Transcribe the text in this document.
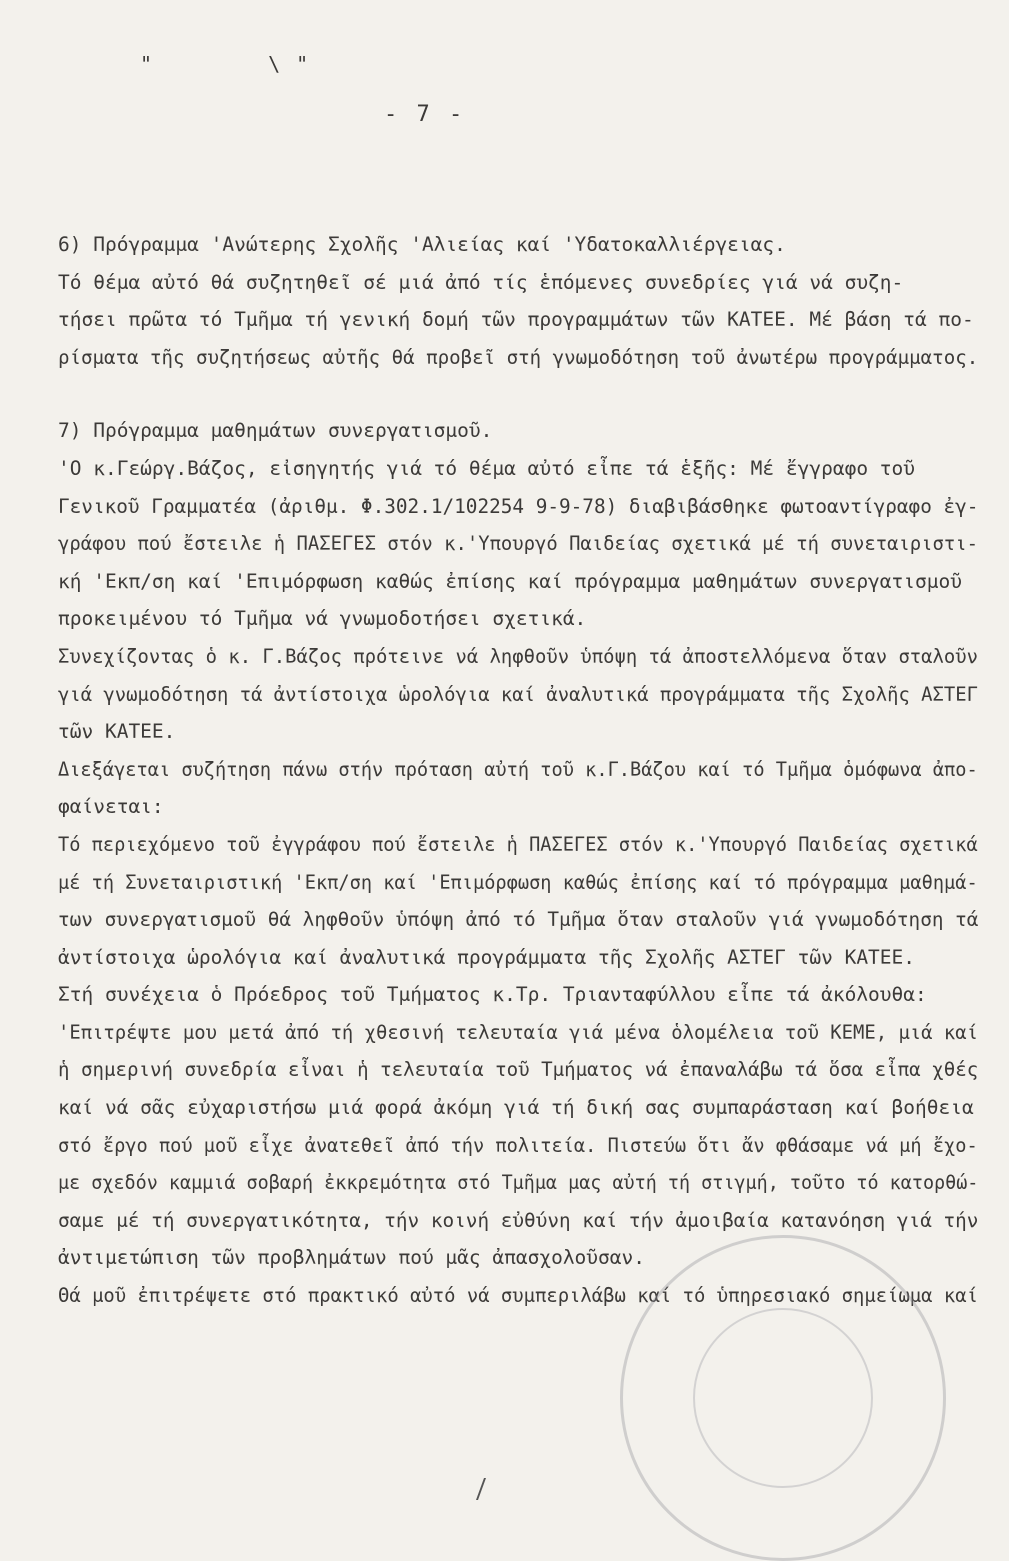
"	\ "
- 7 -
6) Πρόγραμμα 'Ανώτερης Σχολῆς 'Αλιείας καί 'Υδατοκαλλιέργειας.
Τό θέμα αὐτό θά συζητηθεῖ σέ μιά ἀπό τίς ἑπόμενες συνεδρίες γιά νά συζη-
τήσει πρῶτα τό Τμῆμα τή γενική δομή τῶν προγραμμάτων τῶν ΚΑΤΕΕ. Μέ βάση τά πο-
ρίσματα τῆς συζητήσεως αὐτῆς θά προβεῖ στή γνωμοδότηση τοῦ ἀνωτέρω προγράμματος.
7) Πρόγραμμα μαθημάτων συνεργατισμοῦ.
'Ο κ.Γεώργ.Βάζος, εἰσηγητής γιά τό θέμα αὐτό εἶπε τά ἑξῆς: Μέ ἔγγραφο τοῦ
Γενικοῦ Γραμματέα (ἀριθμ. Φ.302.1/102254 9-9-78) διαβιβάσθηκε φωτοαντίγραφο ἐγ-
γράφου πού ἔστειλε ἡ ΠΑΣΕΓΕΣ στόν κ.'Υπουργό Παιδείας σχετικά μέ τή συνεταιριστι-
κή 'Εκπ/ση καί 'Επιμόρφωση καθώς ἐπίσης καί πρόγραμμα μαθημάτων συνεργατισμοῦ
προκειμένου τό Τμῆμα νά γνωμοδοτήσει σχετικά.
Συνεχίζοντας ὁ κ. Γ.Βάζος πρότεινε νά ληφθοῦν ὑπόψη τά ἀποστελλόμενα ὅταν σταλοῦν
γιά γνωμοδότηση τά ἀντίστοιχα ὡρολόγια καί ἀναλυτικά προγράμματα τῆς Σχολῆς ΑΣΤΕΓ
τῶν ΚΑΤΕΕ.
Διεξάγεται συζήτηση πάνω στήν πρόταση αὐτή τοῦ κ.Γ.Βάζου καί τό Τμῆμα ὁμόφωνα ἀπο-
φαίνεται:
Τό περιεχόμενο τοῦ ἐγγράφου πού ἔστειλε ἡ ΠΑΣΕΓΕΣ στόν κ.'Υπουργό Παιδείας σχετικά
μέ τή Συνεταιριστική 'Εκπ/ση καί 'Επιμόρφωση καθώς ἐπίσης καί τό πρόγραμμα μαθημά-
των συνεργατισμοῦ θά ληφθοῦν ὑπόψη ἀπό τό Τμῆμα ὅταν σταλοῦν γιά γνωμοδότηση τά
ἀντίστοιχα ὡρολόγια καί ἀναλυτικά προγράμματα τῆς Σχολῆς ΑΣΤΕΓ τῶν ΚΑΤΕΕ.
Στή συνέχεια ὁ Πρόεδρος τοῦ Τμήματος κ.Τρ. Τριανταφύλλου εἶπε τά ἀκόλουθα:
'Επιτρέψτε μου μετά ἀπό τή χθεσινή τελευταία γιά μένα ὁλομέλεια τοῦ ΚΕΜΕ, μιά καί
ἡ σημερινή συνεδρία εἶναι ἡ τελευταία τοῦ Τμήματος νά ἐπαναλάβω τά ὅσα εἶπα χθές
καί νά σᾶς εὐχαριστήσω μιά φορά ἀκόμη γιά τή δική σας συμπαράσταση καί βοήθεια
στό ἔργο πού μοῦ εἶχε ἀνατεθεῖ ἀπό τήν πολιτεία. Πιστεύω ὅτι ἄν φθάσαμε νά μή ἔχο-
με σχεδόν καμμιά σοβαρή ἐκκρεμότητα στό Τμῆμα μας αὐτή τή στιγμή, τοῦτο τό κατορθώ-
σαμε μέ τή συνεργατικότητα, τήν κοινή εὐθύνη καί τήν ἀμοιβαία κατανόηση γιά τήν
ἀντιμετώπιση τῶν προβλημάτων πού μᾶς ἀπασχολοῦσαν.
Θά μοῦ ἐπιτρέψετε στό πρακτικό αὐτό νά συμπεριλάβω καί τό ὑπηρεσιακό σημείωμα καί
